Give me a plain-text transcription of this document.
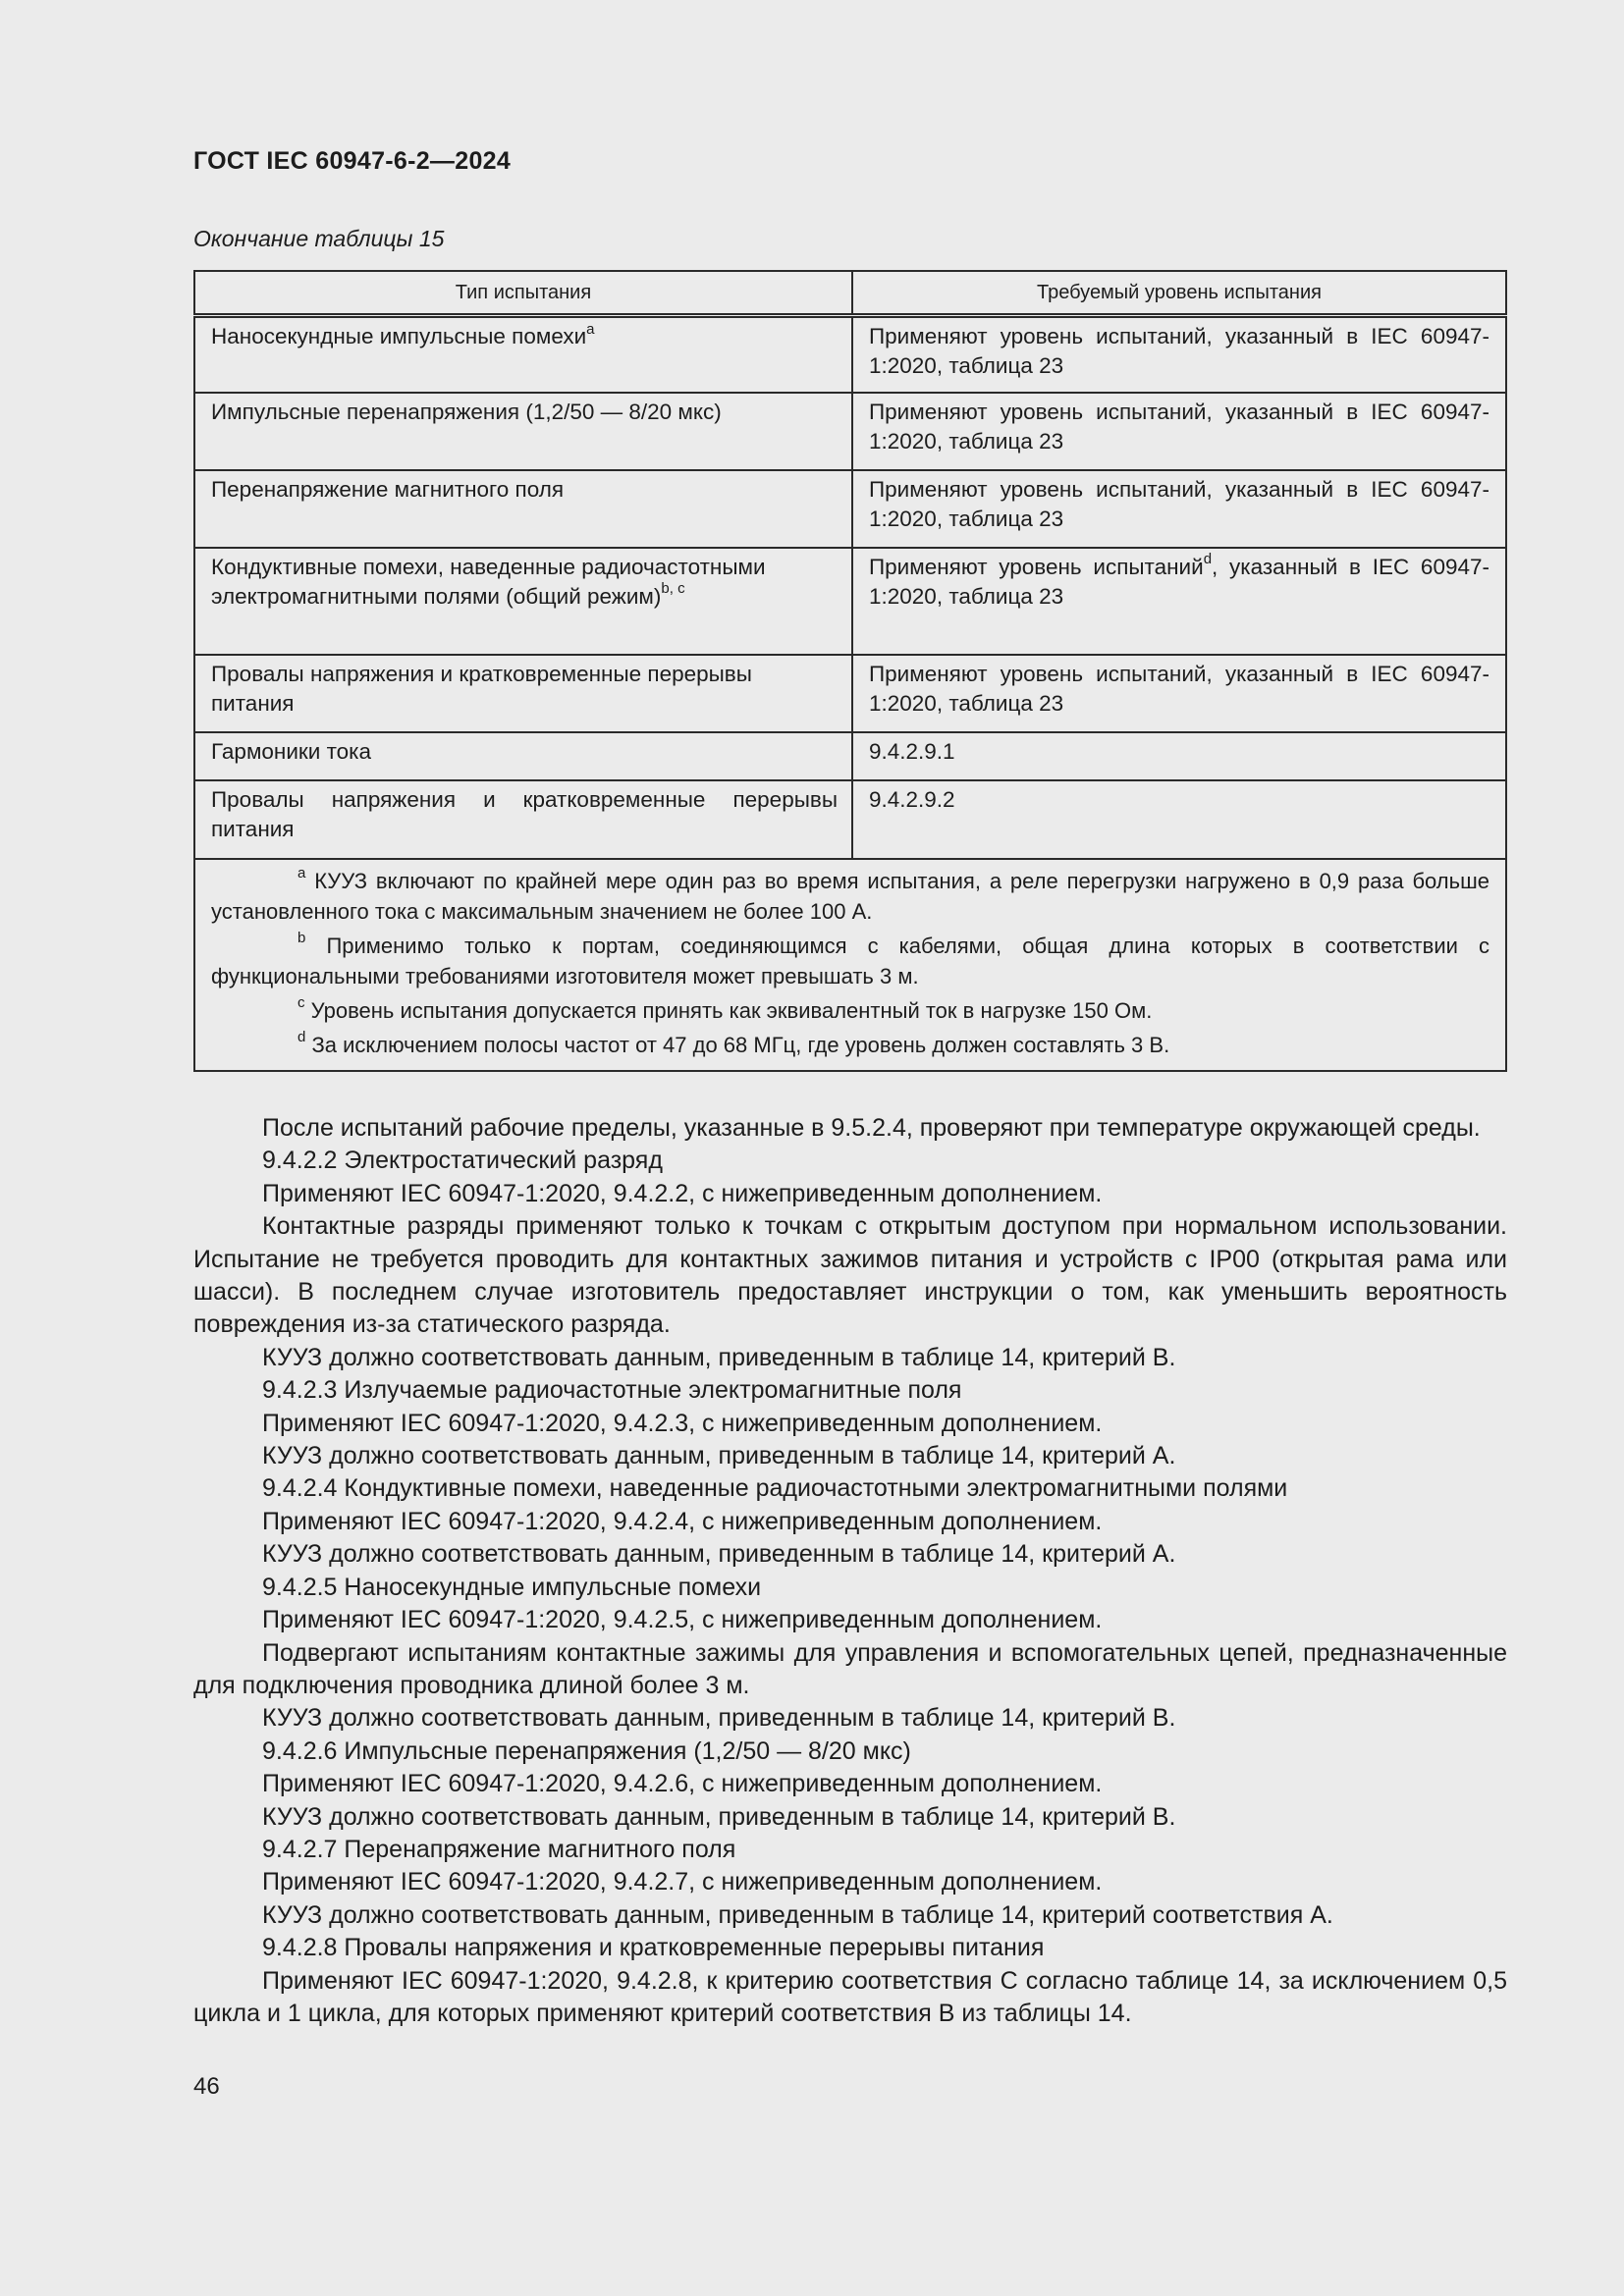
ГОСТ IEC 60947-6-2—2024
Окончание таблицы 15
Тип испытания	Требуемый уровень испытания
Наносекундные импульсные помехи$^a$	Применяют уровень испытаний, указанный в IEC 60947-1:2020, таблица 23
Импульсные перенапряжения (1,2/50 — 8/20 мкс)	Применяют уровень испытаний, указанный в IEC 60947-1:2020, таблица 23
Перенапряжение магнитного поля	Применяют уровень испытаний, указанный в IEC 60947-1:2020, таблица 23
Кондуктивные помехи, наведенные радиочастотными электромагнитными полями (общий режим)$^{b, c}$	Применяют уровень испытаний$^d$, указанный в IEC 60947-1:2020, таблица 23
Провалы напряжения и кратковременные перерывы питания	Применяют уровень испытаний, указанный в IEC 60947-1:2020, таблица 23
Гармоники тока	9.4.2.9.1
Провалы напряжения и кратковременные перерывы питания	9.4.2.9.2

$^a$ КУУЗ включают по крайней мере один раз во время испытания, а реле перегрузки нагружено в 0,9 раза больше установленного тока с максимальным значением не более 100 А.

$^b$ Применимо только к портам, соединяющимся с кабелями, общая длина которых в соответствии с функциональными требованиями изготовителя может превышать 3 м.

$^c$ Уровень испытания допускается принять как эквивалентный ток в нагрузке 150 Ом.

$^d$ За исключением полосы частот от 47 до 68 МГц, где уровень должен составлять 3 В.	

После испытаний рабочие пределы, указанные в 9.5.2.4, проверяют при температуре окружающей среды.

9.4.2.2 Электростатический разряд

Применяют IEC 60947-1:2020, 9.4.2.2, с нижеприведенным дополнением.

Контактные разряды применяют только к точкам с открытым доступом при нормальном использовании. Испытание не требуется проводить для контактных зажимов питания и устройств с IP00 (открытая рама или шасси). В последнем случае изготовитель предоставляет инструкции о том, как уменьшить вероятность повреждения из-за статического разряда.

КУУЗ должно соответствовать данным, приведенным в таблице 14, критерий В.

9.4.2.3 Излучаемые радиочастотные электромагнитные поля

Применяют IEC 60947-1:2020, 9.4.2.3, с нижеприведенным дополнением.

КУУЗ должно соответствовать данным, приведенным в таблице 14, критерий А.

9.4.2.4 Кондуктивные помехи, наведенные радиочастотными электромагнитными полями

Применяют IEC 60947-1:2020, 9.4.2.4, с нижеприведенным дополнением.

КУУЗ должно соответствовать данным, приведенным в таблице 14, критерий А.

9.4.2.5 Наносекундные импульсные помехи

Применяют IEC 60947-1:2020, 9.4.2.5, с нижеприведенным дополнением.

Подвергают испытаниям контактные зажимы для управления и вспомогательных цепей, предназначенные для подключения проводника длиной более 3 м.

КУУЗ должно соответствовать данным, приведенным в таблице 14, критерий В.

9.4.2.6 Импульсные перенапряжения (1,2/50 — 8/20 мкс)

Применяют IEC 60947-1:2020, 9.4.2.6, с нижеприведенным дополнением.

КУУЗ должно соответствовать данным, приведенным в таблице 14, критерий В.

9.4.2.7 Перенапряжение магнитного поля

Применяют IEC 60947-1:2020, 9.4.2.7, с нижеприведенным дополнением.

КУУЗ должно соответствовать данным, приведенным в таблице 14, критерий соответствия А.

9.4.2.8 Провалы напряжения и кратковременные перерывы питания

Применяют IEC 60947-1:2020, 9.4.2.8, к критерию соответствия С согласно таблице 14, за исключением 0,5 цикла и 1 цикла, для которых применяют критерий соответствия В из таблицы 14.

46
